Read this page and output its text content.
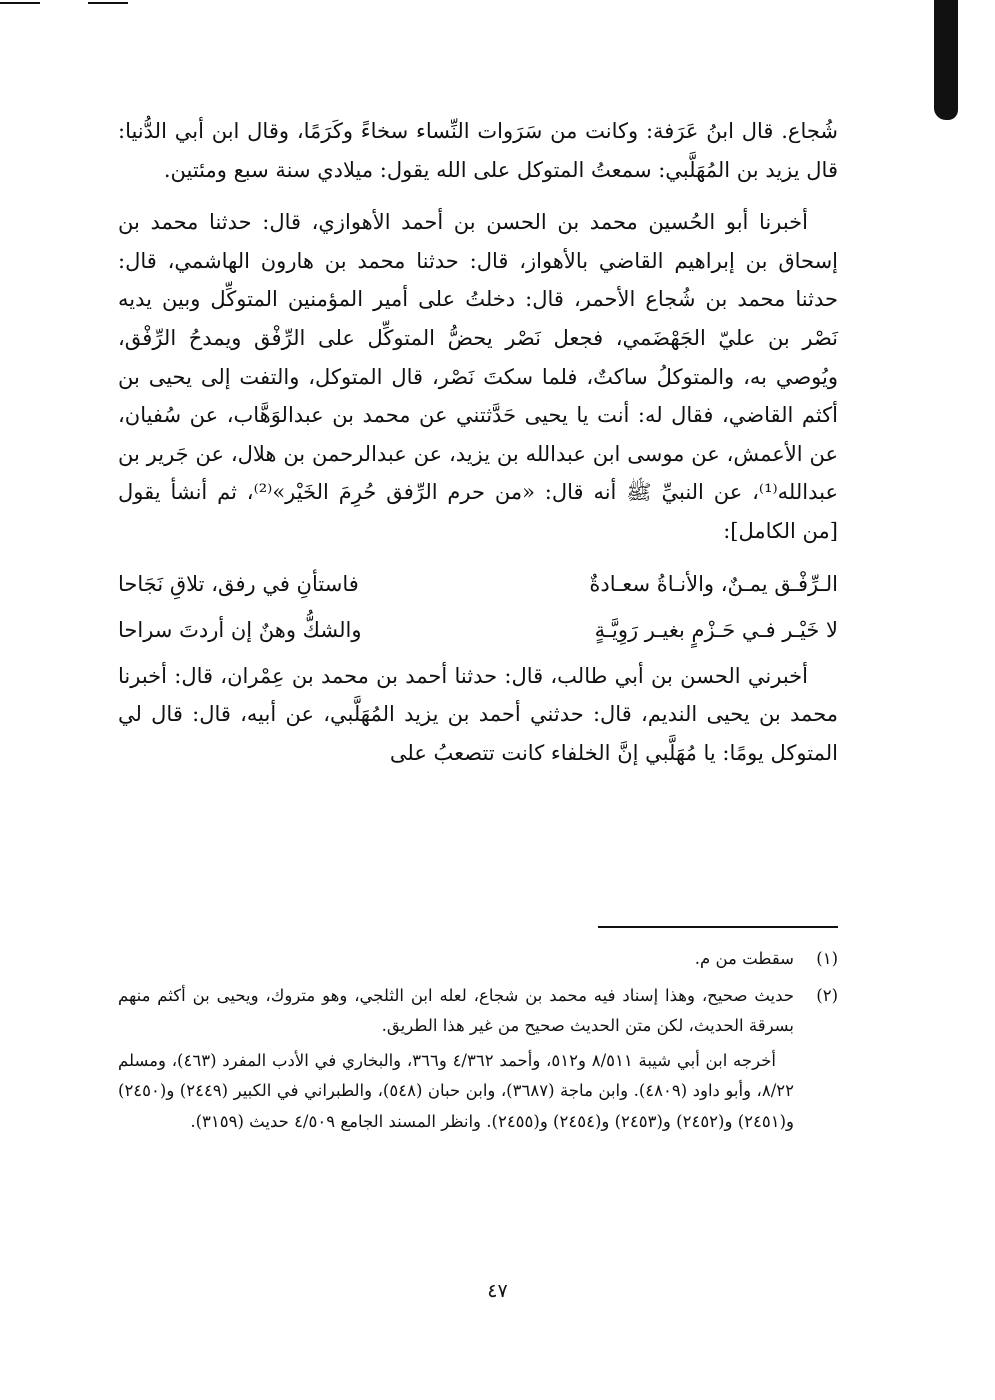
شُجاع. قال ابنُ عَرَفة: وكانت من سَرَوات النِّساء سخاءً وكَرَمًا، وقال ابن أبي الدُّنيا: قال يزيد بن المُهَلَّبي: سمعتُ المتوكل على الله يقول: ميلادي سنة سبع ومئتين.

أخبرنا أبو الحُسين محمد بن الحسن بن أحمد الأهوازي، قال: حدثنا محمد بن إسحاق بن إبراهيم القاضي بالأهواز، قال: حدثنا محمد بن هارون الهاشمي، قال: حدثنا محمد بن شُجاع الأحمر، قال: دخلتُ على أمير المؤمنين المتوكِّل وبين يديه نَصْر بن عليّ الجَهْضَمي، فجعل نَصْر يحضُّ المتوكِّل على الرِّفْق ويمدحُ الرِّفْق، ويُوصي به، والمتوكلُ ساكتٌ، فلما سكتَ نَصْر، قال المتوكل، والتفت إلى يحيى بن أكثم القاضي، فقال له: أنت يا يحيى حَدَّثتني عن محمد بن عبدالوَهَّاب، عن سُفيان، عن الأعمش، عن موسى ابن عبدالله بن يزيد، عن عبدالرحمن بن هلال، عن جَرير بن عبدالله⁽¹⁾، عن النبيِّ ﷺ أنه قال: «من حرم الرِّفق حُرِمَ الخَيْر»⁽²⁾، ثم أنشأ يقول [من الكامل]:

الـرِّفْـق يمـنٌ، والأنـاةُ سعـادةٌ
فاستأنِ في رفق، تلاقِ نَجَاحا
لا خَيْـر فـي حَـزْمٍ بغيـر رَوِيَّـةٍ
والشكُّ وهنٌ إن أردتَ سراحا

أخبرني الحسن بن أبي طالب، قال: حدثنا أحمد بن محمد بن عِمْران، قال: أخبرنا محمد بن يحيى النديم، قال: حدثني أحمد بن يزيد المُهَلَّبي، عن أبيه، قال: قال لي المتوكل يومًا: يا مُهَلَّبي إنَّ الخلفاء كانت تتصعبُ على

(١)
سقطت من م.
(٢)
حديث صحيح، وهذا إسناد فيه محمد بن شجاع، لعله ابن الثلجي، وهو متروك، ويحيى بن أكثم منهم بسرقة الحديث، لكن متن الحديث صحيح من غير هذا الطريق.

أخرجه ابن أبي شيبة ٨/٥١١ و٥١٢، وأحمد ٤/٣٦٢ و٣٦٦، والبخاري في الأدب المفرد (٤٦٣)، ومسلم ٨/٢٢، وأبو داود (٤٨٠٩). وابن ماجة (٣٦٨٧)، وابن حبان (٥٤٨)، والطبراني في الكبير (٢٤٤٩) و(٢٤٥٠) و(٢٤٥١) و(٢٤٥٢) و(٢٤٥٣) و(٢٤٥٤) و(٢٤٥٥). وانظر المسند الجامع ٤/٥٠٩ حديث (٣١٥٩).

٤٧
